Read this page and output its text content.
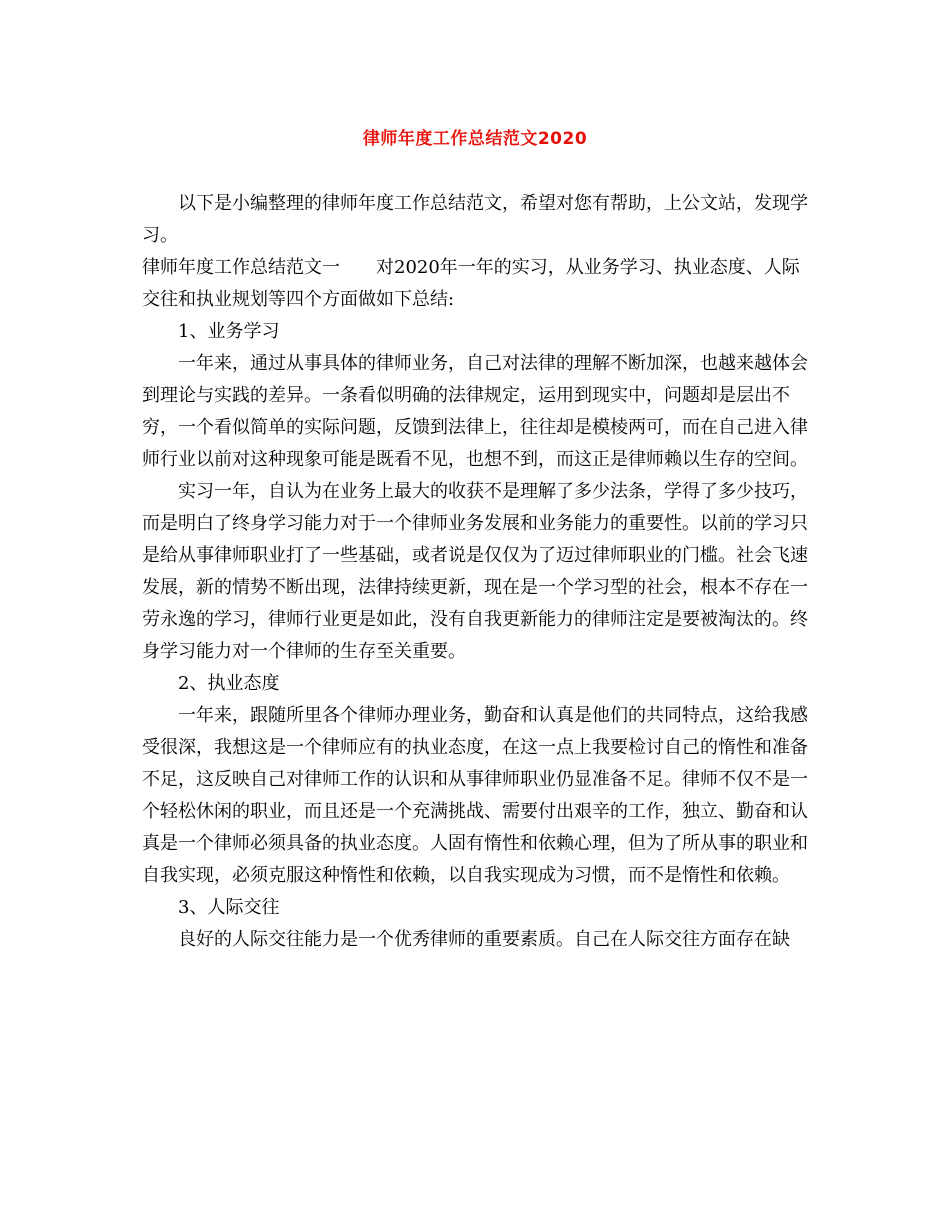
律师年度工作总结范文2020

以下是小编整理的律师年度工作总结范文，希望对您有帮助，上公文站，发现学习。

律师年度工作总结范文一 对2020年一年的实习，从业务学习、执业态度、人际交往和执业规划等四个方面做如下总结:

1、业务学习

一年来，通过从事具体的律师业务，自己对法律的理解不断加深，也越来越体会到理论与实践的差异。一条看似明确的法律规定，运用到现实中，问题却是层出不穷，一个看似简单的实际问题，反馈到法律上，往往却是模棱两可，而在自己进入律师行业以前对这种现象可能是既看不见，也想不到，而这正是律师赖以生存的空间。

实习一年，自认为在业务上最大的收获不是理解了多少法条，学得了多少技巧，而是明白了终身学习能力对于一个律师业务发展和业务能力的重要性。以前的学习只是给从事律师职业打了一些基础，或者说是仅仅为了迈过律师职业的门槛。社会飞速发展，新的情势不断出现，法律持续更新，现在是一个学习型的社会，根本不存在一劳永逸的学习，律师行业更是如此，没有自我更新能力的律师注定是要被淘汰的。终身学习能力对一个律师的生存至关重要。

2、执业态度

一年来，跟随所里各个律师办理业务，勤奋和认真是他们的共同特点，这给我感受很深，我想这是一个律师应有的执业态度，在这一点上我要检讨自己的惰性和准备不足，这反映自己对律师工作的认识和从事律师职业仍显准备不足。律师不仅不是一个轻松休闲的职业，而且还是一个充满挑战、需要付出艰辛的工作，独立、勤奋和认真是一个律师必须具备的执业态度。人固有惰性和依赖心理，但为了所从事的职业和自我实现，必须克服这种惰性和依赖，以自我实现成为习惯，而不是惰性和依赖。

3、人际交往

良好的人际交往能力是一个优秀律师的重要素质。自己在人际交往方面存在缺
